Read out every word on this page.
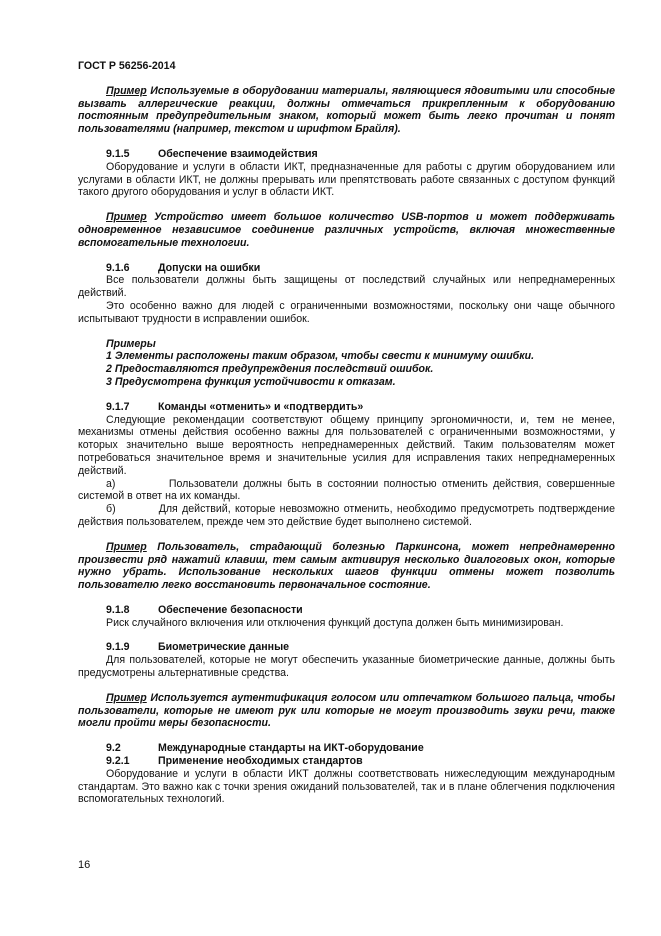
ГОСТ Р 56256-2014

Пример Используемые в оборудовании материалы, являющиеся ядовитыми или способные вызвать аллергические реакции, должны отмечаться прикрепленным к оборудованию постоянным предупредительным знаком, который может быть легко прочитан и понят пользователями (например, текстом и шрифтом Брайля).

9.1.5	Обеспечение взаимодействия

Оборудование и услуги в области ИКТ, предназначенные для работы с другим оборудованием или услугами в области ИКТ, не должны прерывать или препятствовать работе связанных с доступом функций такого другого оборудования и услуг в области ИКТ.

Пример Устройство имеет большое количество USB-портов и может поддерживать одновременное независимое соединение различных устройств, включая множественные вспомогательные технологии.

9.1.6	Допуски на ошибки

Все пользователи должны быть защищены от последствий случайных или непреднамеренных действий.

Это особенно важно для людей с ограниченными возможностями, поскольку они чаще обычного испытывают трудности в исправлении ошибок.

Примеры
1 Элементы расположены таким образом, чтобы свести к минимуму ошибки.
2 Предоставляются предупреждения последствий ошибок.
3 Предусмотрена функция устойчивости к отказам.
9.1.7	Команды «отменить» и «подтвердить»

Следующие рекомендации соответствуют общему принципу эргономичности, и, тем не менее, механизмы отмены действия особенно важны для пользователей с ограниченными возможностями, у которых значительно выше вероятность непреднамеренных действий. Таким пользователям может потребоваться значительное время и значительные усилия для исправления таких непреднамеренных действий.

а)	Пользователи должны быть в состоянии полностью отменить действия, совершенные системой в ответ на их команды.

б)	Для действий, которые невозможно отменить, необходимо предусмотреть подтверждение действия пользователем, прежде чем это действие будет выполнено системой.

Пример Пользователь, страдающий болезнью Паркинсона, может непреднамеренно произвести ряд нажатий клавиш, тем самым активируя несколько диалоговых окон, которые нужно убрать. Использование нескольких шагов функции отмены может позволить пользователю легко восстановить первоначальное состояние.

9.1.8	Обеспечение безопасности

Риск случайного включения или отключения функций доступа должен быть минимизирован.

9.1.9	Биометрические данные

Для пользователей, которые не могут обеспечить указанные биометрические данные, должны быть предусмотрены альтернативные средства.

Пример Используется аутентификация голосом или отпечатком большого пальца, чтобы пользователи, которые не имеют рук или которые не могут производить звуки речи, также могли пройти меры безопасности.

9.2	Международные стандарты на ИКТ-оборудование
9.2.1	Применение необходимых стандартов

Оборудование и услуги в области ИКТ должны соответствовать нижеследующим международным стандартам. Это важно как с точки зрения ожиданий пользователей, так и в плане облегчения подключения вспомогательных технологий.

16
